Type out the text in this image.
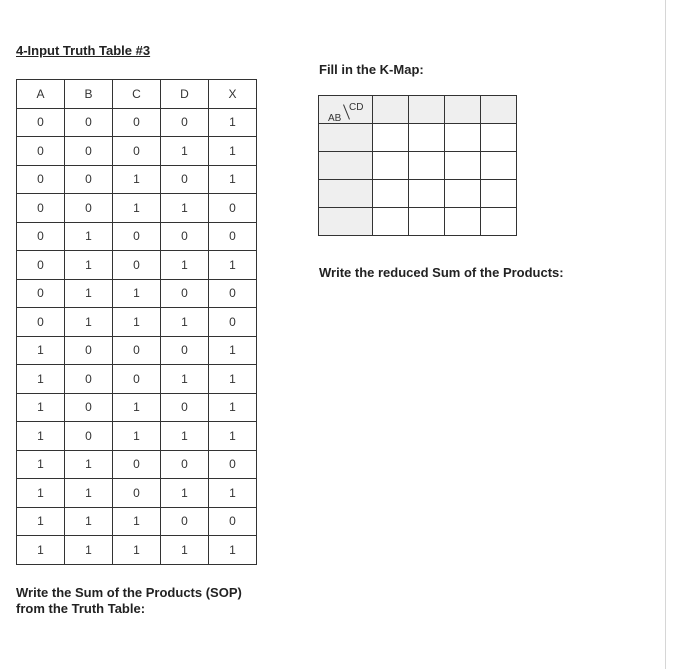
4-Input Truth Table #3
A	B	C	D	X
0	0	0	0	1
0	0	0	1	1
0	0	1	0	1
0	0	1	1	0
0	1	0	0	0
0	1	0	1	1
0	1	1	0	0
0	1	1	1	0
1	0	0	0	1
1	0	0	1	1
1	0	1	0	1
1	0	1	1	1
1	1	0	0	0
1	1	0	1	1
1	1	1	0	0
1	1	1	1	1
Write the Sum of the Products (SOP) from the Truth Table:
Fill in the K-Map:
AB
CD				

Write the reduced Sum of the Products:
